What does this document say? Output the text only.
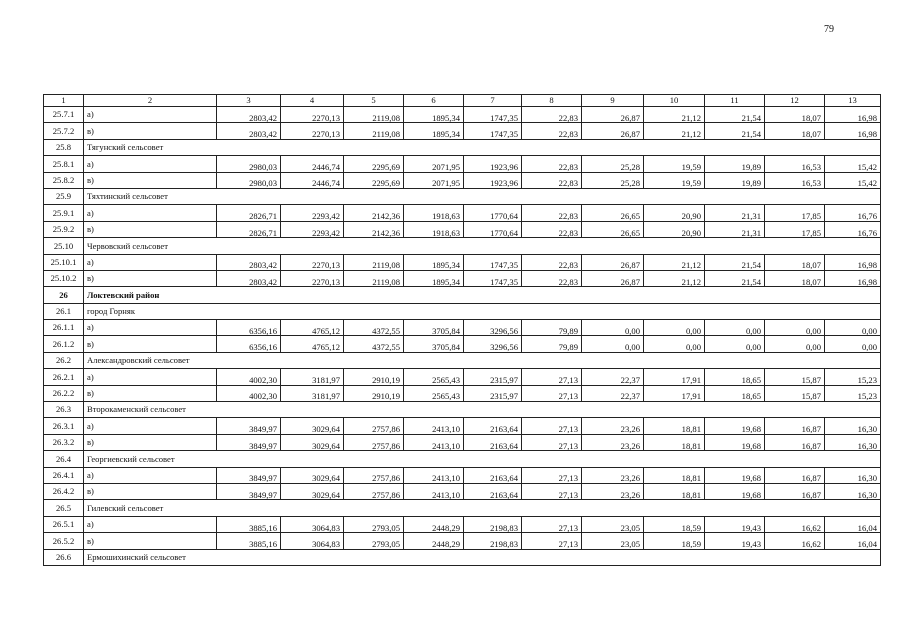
79
1	2	3	4	5	6	7	8	9	10	11	12	13
25.7.1	а)	2803,42	2270,13	2119,08	1895,34	1747,35	22,83	26,87	21,12	21,54	18,07	16,98
25.7.2	в)	2803,42	2270,13	2119,08	1895,34	1747,35	22,83	26,87	21,12	21,54	18,07	16,98
25.8	Тягунский сельсовет											
25.8.1	а)	2980,03	2446,74	2295,69	2071,95	1923,96	22,83	25,28	19,59	19,89	16,53	15,42
25.8.2	в)	2980,03	2446,74	2295,69	2071,95	1923,96	22,83	25,28	19,59	19,89	16,53	15,42
25.9	Тяхтинский сельсовет											
25.9.1	а)	2826,71	2293,42	2142,36	1918,63	1770,64	22,83	26,65	20,90	21,31	17,85	16,76
25.9.2	в)	2826,71	2293,42	2142,36	1918,63	1770,64	22,83	26,65	20,90	21,31	17,85	16,76
25.10	Червовский сельсовет											
25.10.1	а)	2803,42	2270,13	2119,08	1895,34	1747,35	22,83	26,87	21,12	21,54	18,07	16,98
25.10.2	в)	2803,42	2270,13	2119,08	1895,34	1747,35	22,83	26,87	21,12	21,54	18,07	16,98
26	Локтевский район											
26.1	город Горняк											
26.1.1	а)	6356,16	4765,12	4372,55	3705,84	3296,56	79,89	0,00	0,00	0,00	0,00	0,00
26.1.2	в)	6356,16	4765,12	4372,55	3705,84	3296,56	79,89	0,00	0,00	0,00	0,00	0,00
26.2	Александровский сельсовет											
26.2.1	а)	4002,30	3181,97	2910,19	2565,43	2315,97	27,13	22,37	17,91	18,65	15,87	15,23
26.2.2	в)	4002,30	3181,97	2910,19	2565,43	2315,97	27,13	22,37	17,91	18,65	15,87	15,23
26.3	Второкаменский сельсовет											
26.3.1	а)	3849,97	3029,64	2757,86	2413,10	2163,64	27,13	23,26	18,81	19,68	16,87	16,30
26.3.2	в)	3849,97	3029,64	2757,86	2413,10	2163,64	27,13	23,26	18,81	19,68	16,87	16,30
26.4	Георгиевский сельсовет											
26.4.1	а)	3849,97	3029,64	2757,86	2413,10	2163,64	27,13	23,26	18,81	19,68	16,87	16,30
26.4.2	в)	3849,97	3029,64	2757,86	2413,10	2163,64	27,13	23,26	18,81	19,68	16,87	16,30
26.5	Гилевский сельсовет											
26.5.1	а)	3885,16	3064,83	2793,05	2448,29	2198,83	27,13	23,05	18,59	19,43	16,62	16,04
26.5.2	в)	3885,16	3064,83	2793,05	2448,29	2198,83	27,13	23,05	18,59	19,43	16,62	16,04
26.6	Ермошихинский сельсовет											
